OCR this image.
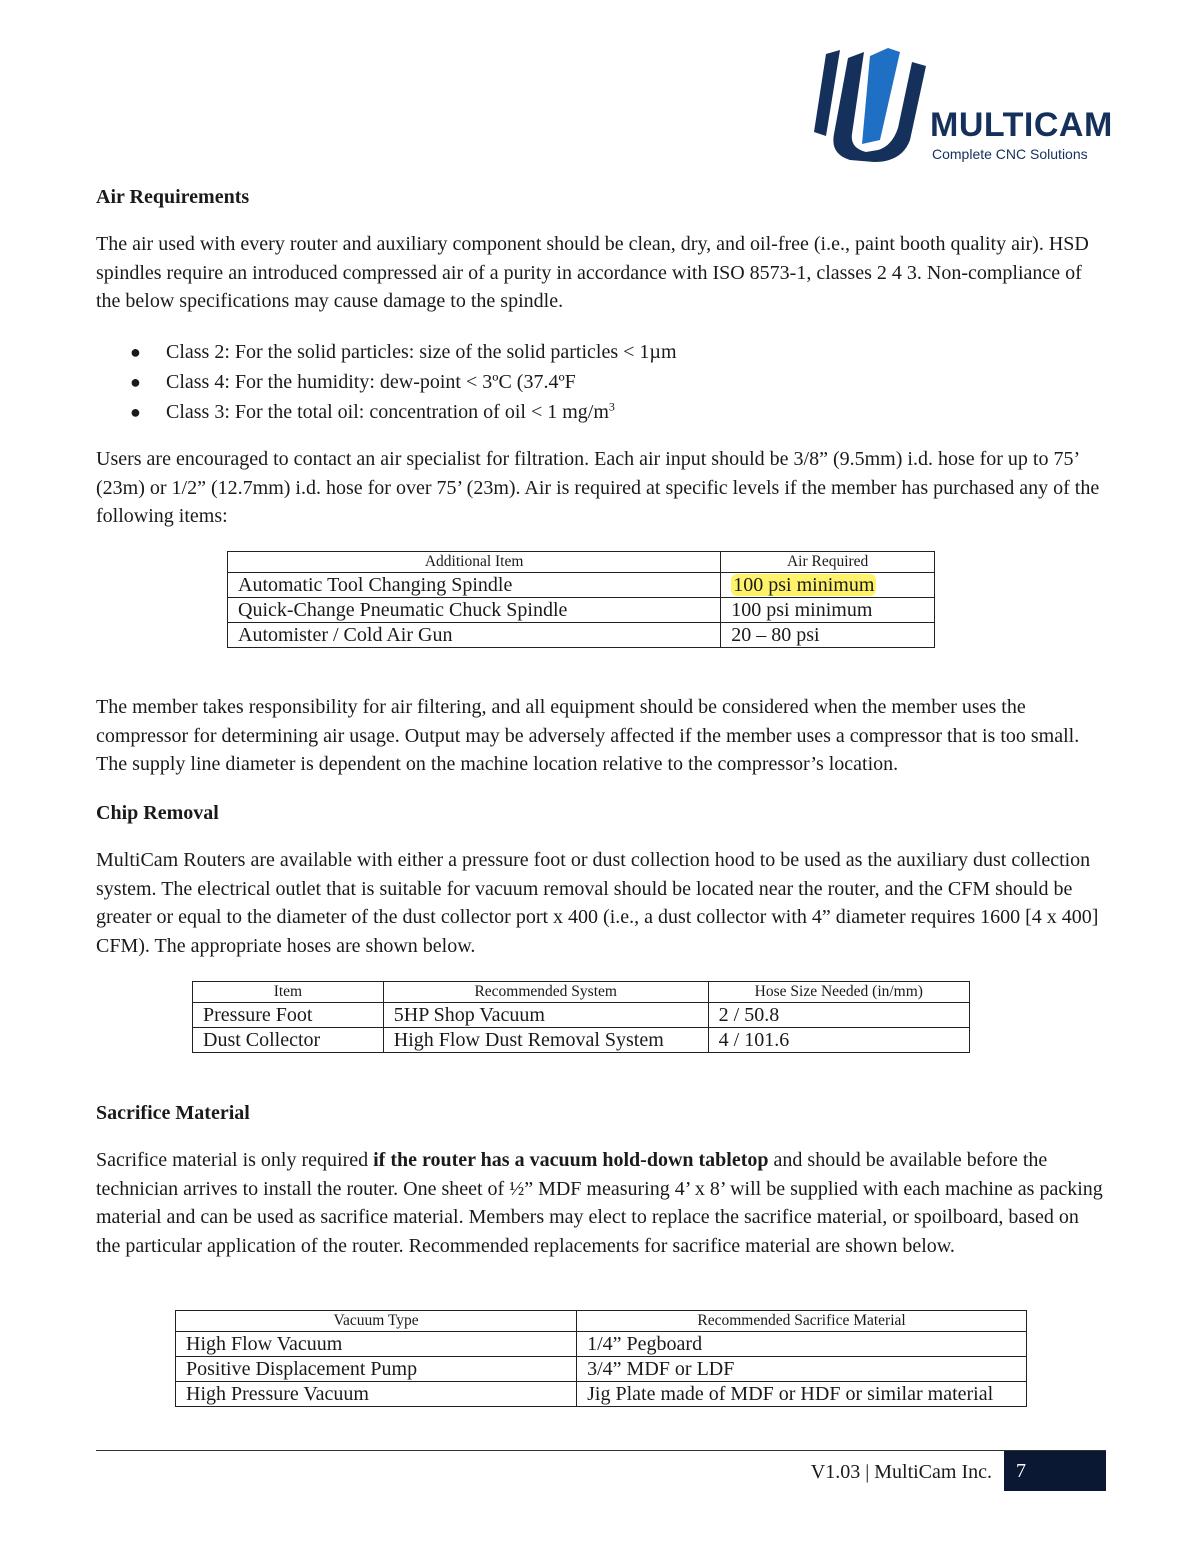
MULTICAM
Complete CNC Solutions
Air Requirements

The air used with every router and auxiliary component should be clean, dry, and oil-free (i.e., paint booth quality air). HSD spindles require an introduced compressed air of a purity in accordance with ISO 8573-1, classes 2 4 3. Non-compliance of the below specifications may cause damage to the spindle.

● Class 2: For the solid particles: size of the solid particles < 1µm
● Class 4: For the humidity: dew-point < 3ºC (37.4ºF
● Class 3: For the total oil: concentration of oil < 1 $mg/m^3$

Users are encouraged to contact an air specialist for filtration. Each air input should be 3/8” (9.5mm) i.d. hose for up to 75’ (23m) or 1/2” (12.7mm) i.d. hose for over 75’ (23m). Air is required at specific levels if the member has purchased any of the following items:

Additional Item	Air Required
Automatic Tool Changing Spindle	100 psi minimum
Quick-Change Pneumatic Chuck Spindle	100 psi minimum
Automister / Cold Air Gun	20 – 80 psi

The member takes responsibility for air filtering, and all equipment should be considered when the member uses the compressor for determining air usage. Output may be adversely affected if the member uses a compressor that is too small. The supply line diameter is dependent on the machine location relative to the compressor’s location.

Chip Removal

MultiCam Routers are available with either a pressure foot or dust collection hood to be used as the auxiliary dust collection system. The electrical outlet that is suitable for vacuum removal should be located near the router, and the CFM should be greater or equal to the diameter of the dust collector port x 400 (i.e., a dust collector with 4” diameter requires 1600 [4 x 400] CFM). The appropriate hoses are shown below.

Item	Recommended System	Hose Size Needed (in/mm)
Pressure Foot	5HP Shop Vacuum	2 / 50.8
Dust Collector	High Flow Dust Removal System	4 / 101.6
Sacrifice Material

Sacrifice material is only required if the router has a vacuum hold-down tabletop and should be available before the technician arrives to install the router. One sheet of ½” MDF measuring 4’ x 8’ will be supplied with each machine as packing material and can be used as sacrifice material. Members may elect to replace the sacrifice material, or spoilboard, based on the particular application of the router. Recommended replacements for sacrifice material are shown below.

Vacuum Type	Recommended Sacrifice Material
High Flow Vacuum	1/4” Pegboard
Positive Displacement Pump	3/4” MDF or LDF
High Pressure Vacuum	Jig Plate made of MDF or HDF or similar material
V1.03 | MultiCam Inc.	7
